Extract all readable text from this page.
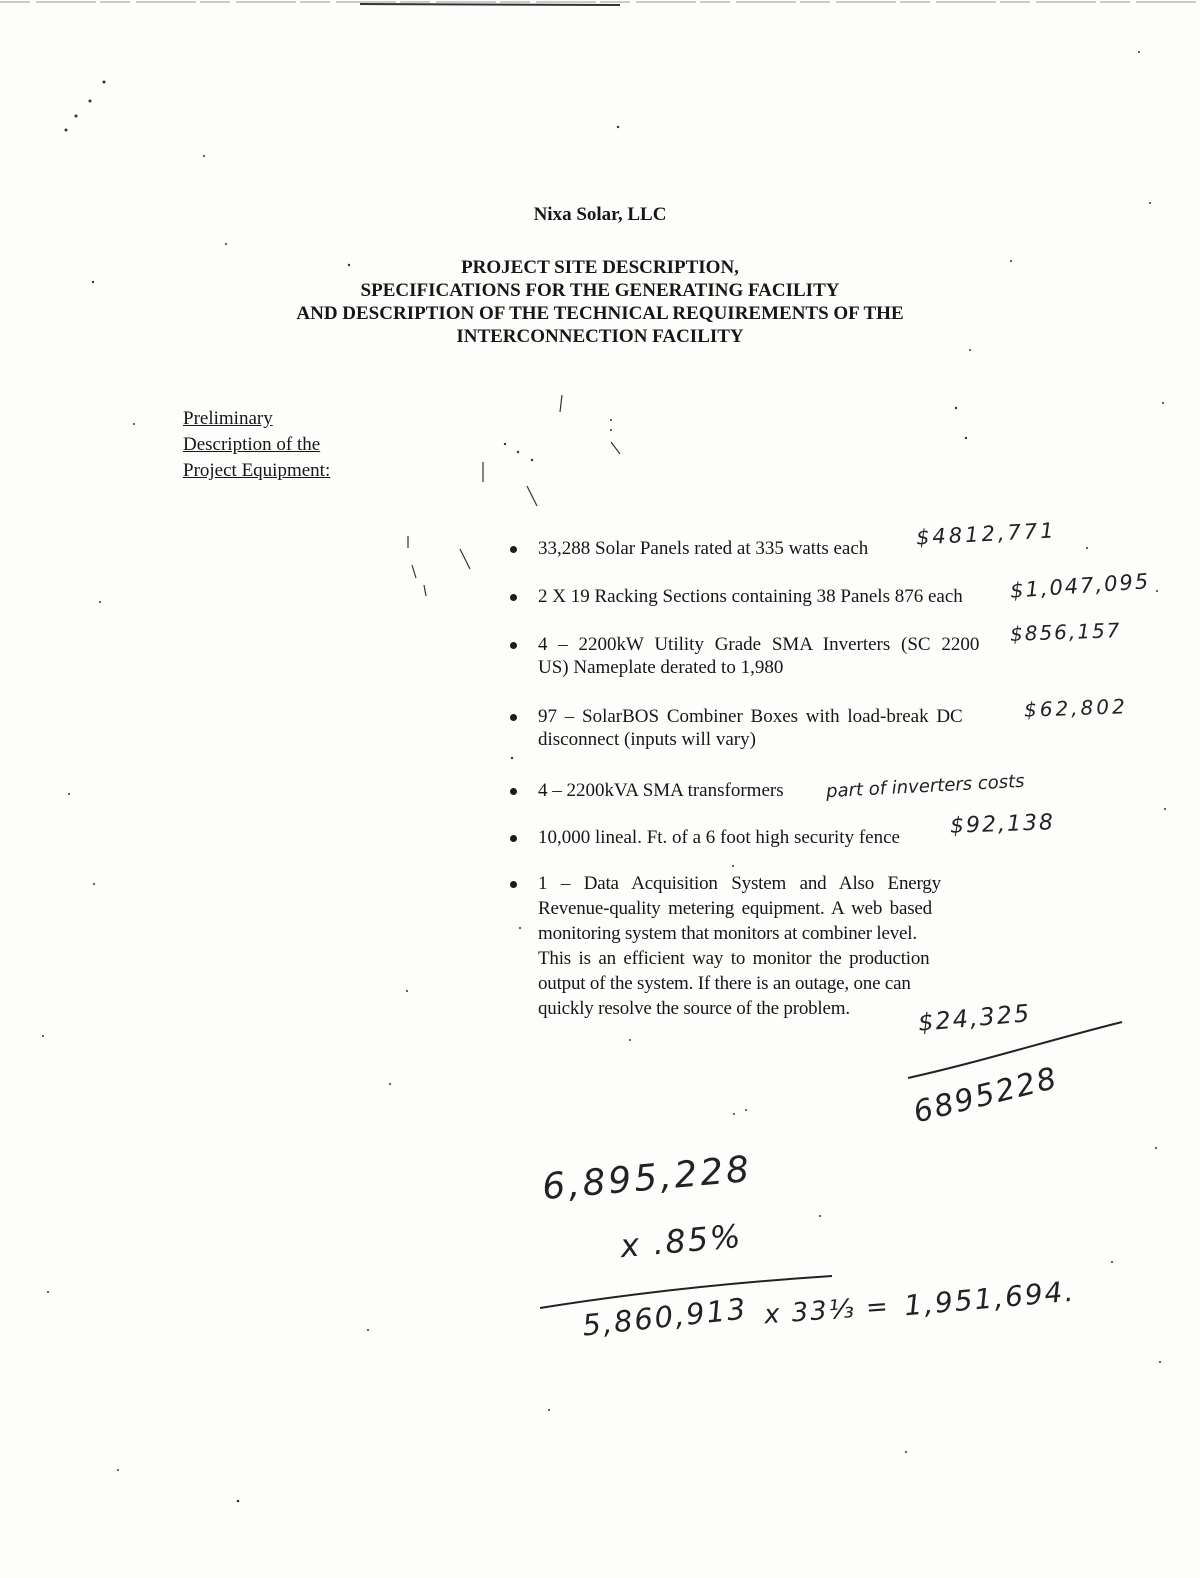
Nixa Solar, LLC
PROJECT SITE DESCRIPTION,
SPECIFICATIONS FOR THE GENERATING FACILITY
AND DESCRIPTION OF THE TECHNICAL REQUIREMENTS OF THE
INTERCONNECTION FACILITY
Preliminary
Description of the
Project Equipment:
33,288 Solar Panels rated at 335 watts each
2 X 19 Racking Sections containing 38 Panels 876 each
4 – 2200kW Utility Grade SMA Inverters (SC 2200
US) Nameplate derated to 1,980
97 – SolarBOS Combiner Boxes with load-break DC
disconnect (inputs will vary)
4 – 2200kVA SMA transformers
10,000 lineal. Ft. of a 6 foot high security fence
1 – Data Acquisition System and Also Energy
Revenue-quality metering equipment. A web based
monitoring system that monitors at combiner level.
This is an efficient way to monitor the production
output of the system. If there is an outage, one can
quickly resolve the source of the problem.
$4812,771
$1,047,095
$856,157
$62,802
part of inverters costs
$92,138
$24,325
6895228
6,895,228
x .85%
5,860,913 x 33⅓ = 1,951,694.
